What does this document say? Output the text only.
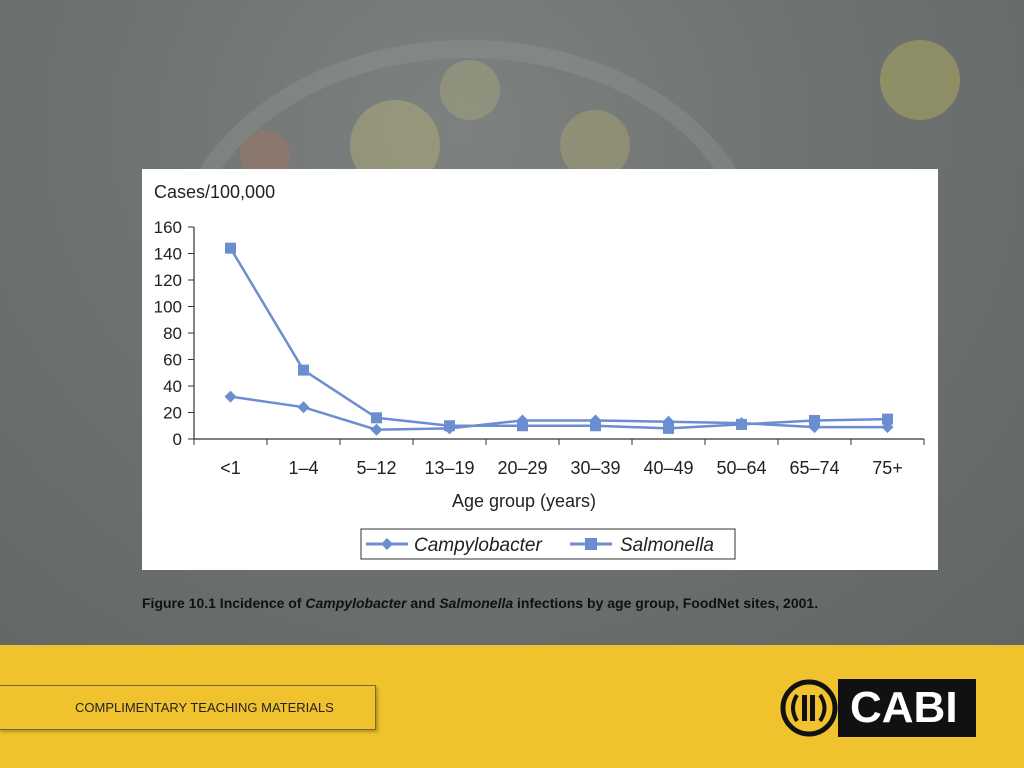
Cases/100,000
Age group (years)
0
20
40
60
80
100
120
140
160
<1	1–4 5–12 13–19 20–29 30–39 40–49 50–64 65–74 75+
Campylobacter	Salmonella
Figure 10.1 Incidence of Campylobacter and Salmonella infections by age group, FoodNet sites, 2001.
COMPLIMENTARY TEACHING MATERIALS	CABI
